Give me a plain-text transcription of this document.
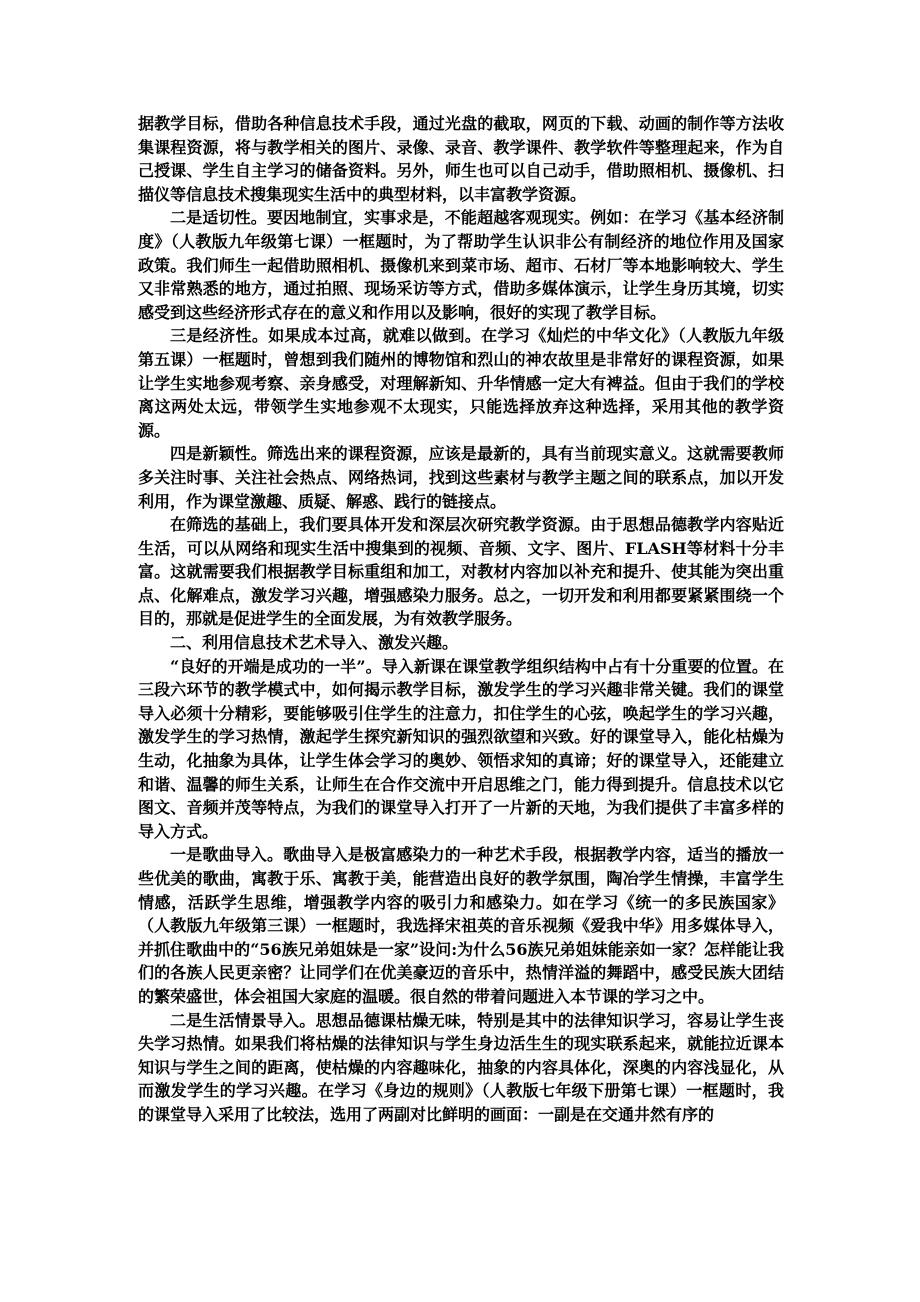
据教学目标，借助各种信息技术手段，通过光盘的截取，网页的下载、动画的制作等方法收集课程资源，将与教学相关的图片、录像、录音、教学课件、教学软件等整理起来，作为自己授课、学生自主学习的储备资料。另外，师生也可以自己动手，借助照相机、摄像机、扫描仪等信息技术搜集现实生活中的典型材料，以丰富教学资源。

二是适切性。要因地制宜，实事求是，不能超越客观现实。例如：在学习《基本经济制度》（人教版九年级第七课）一框题时，为了帮助学生认识非公有制经济的地位作用及国家政策。我们师生一起借助照相机、摄像机来到菜市场、超市、石材厂等本地影响较大、学生又非常熟悉的地方，通过拍照、现场采访等方式，借助多媒体演示，让学生身历其境，切实感受到这些经济形式存在的意义和作用以及影响，很好的实现了教学目标。

三是经济性。如果成本过高，就难以做到。在学习《灿烂的中华文化》（人教版九年级第五课）一框题时，曾想到我们随州的博物馆和烈山的神农故里是非常好的课程资源，如果让学生实地参观考察、亲身感受，对理解新知、升华情感一定大有裨益。但由于我们的学校离这两处太远，带领学生实地参观不太现实，只能选择放弃这种选择，采用其他的教学资源。

四是新颖性。筛选出来的课程资源，应该是最新的，具有当前现实意义。这就需要教师多关注时事、关注社会热点、网络热词，找到这些素材与教学主题之间的联系点，加以开发利用，作为课堂激趣、质疑、解惑、践行的链接点。

在筛选的基础上，我们要具体开发和深层次研究教学资源。由于思想品德教学内容贴近生活，可以从网络和现实生活中搜集到的视频、音频、文字、图片、FLASH等材料十分丰富。这就需要我们根据教学目标重组和加工，对教材内容加以补充和提升、使其能为突出重点、化解难点，激发学习兴趣，增强感染力服务。总之，一切开发和利用都要紧紧围绕一个目的，那就是促进学生的全面发展，为有效教学服务。

二、利用信息技术艺术导入、激发兴趣。

“良好的开端是成功的一半”。导入新课在课堂教学组织结构中占有十分重要的位置。在三段六环节的教学模式中，如何揭示教学目标，激发学生的学习兴趣非常关键。我们的课堂导入必须十分精彩，要能够吸引住学生的注意力，扣住学生的心弦，唤起学生的学习兴趣，激发学生的学习热情，激起学生探究新知识的强烈欲望和兴致。好的课堂导入，能化枯燥为生动，化抽象为具体，让学生体会学习的奥妙、领悟求知的真谛；好的课堂导入，还能建立和谐、温馨的师生关系，让师生在合作交流中开启思维之门，能力得到提升。信息技术以它图文、音频并茂等特点，为我们的课堂导入打开了一片新的天地，为我们提供了丰富多样的导入方式。

一是歌曲导入。歌曲导入是极富感染力的一种艺术手段，根据教学内容，适当的播放一些优美的歌曲，寓教于乐、寓教于美，能营造出良好的教学氛围，陶冶学生情操，丰富学生情感，活跃学生思维，增强教学内容的吸引力和感染力。如在学习《统一的多民族国家》（人教版九年级第三课）一框题时，我选择宋祖英的音乐视频《爱我中华》用多媒体导入，并抓住歌曲中的“56族兄弟姐妹是一家”设问:为什么56族兄弟姐妹能亲如一家？怎样能让我们的各族人民更亲密？让同学们在优美豪迈的音乐中，热情洋溢的舞蹈中，感受民族大团结的繁荣盛世，体会祖国大家庭的温暖。很自然的带着问题进入本节课的学习之中。

二是生活情景导入。思想品德课枯燥无味，特别是其中的法律知识学习，容易让学生丧失学习热情。如果我们将枯燥的法律知识与学生身边活生生的现实联系起来，就能拉近课本知识与学生之间的距离，使枯燥的内容趣味化，抽象的内容具体化，深奥的内容浅显化，从而激发学生的学习兴趣。在学习《身边的规则》（人教版七年级下册第七课）一框题时，我的课堂导入采用了比较法，选用了两副对比鲜明的画面：一副是在交通井然有序的
